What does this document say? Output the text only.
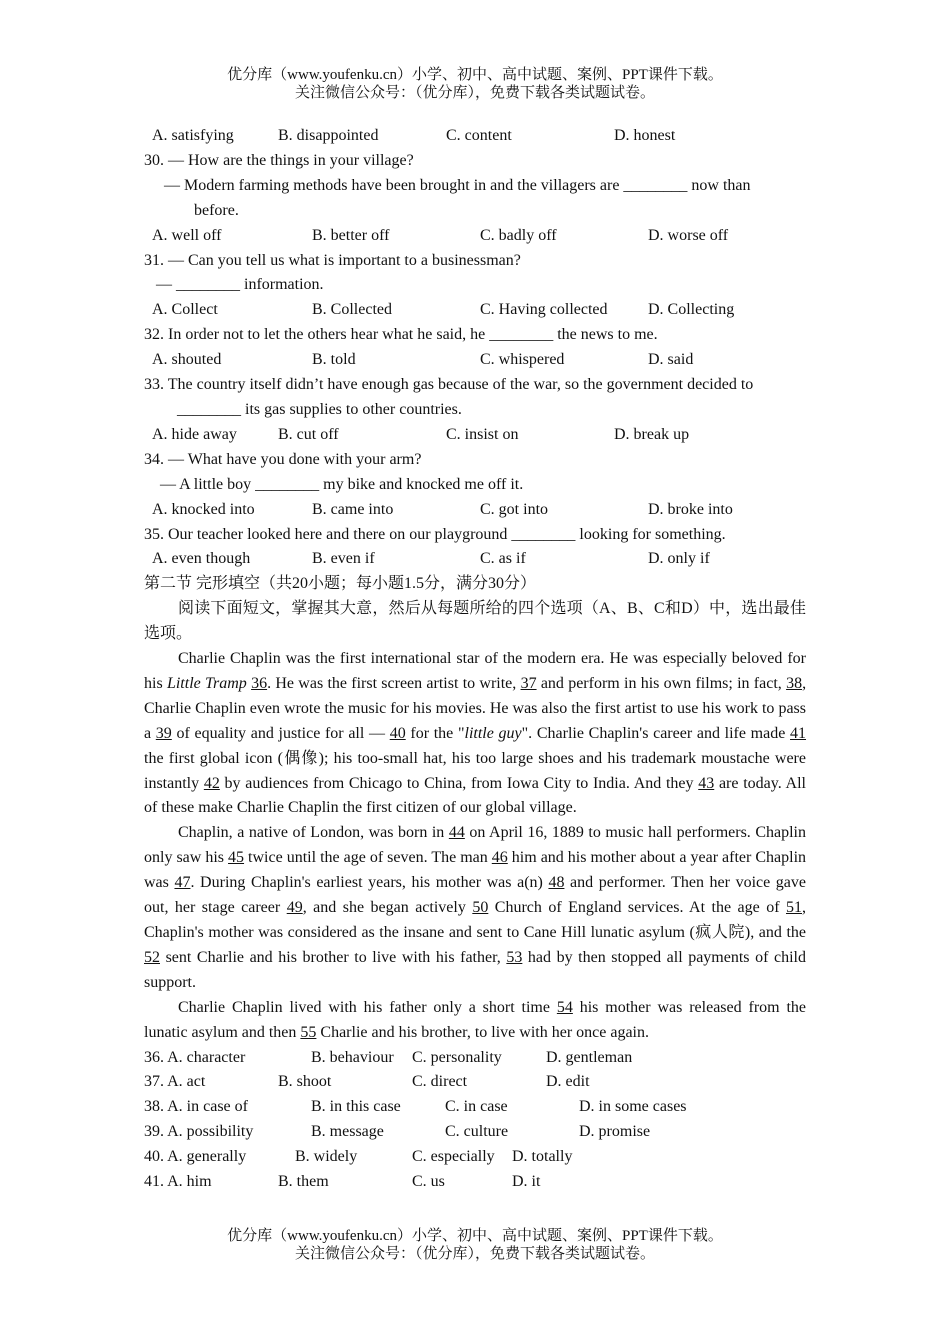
优分库（www.youfenku.cn）小学、初中、高中试题、案例、PPT课件下载。
关注微信公众号：（优分库），免费下载各类试题试卷。
A. satisfying	B. disappointed	C. content	D. honest
30. — How are the things in your village?
— Modern farming methods have been brought in and the villagers are ________ now than
before.
A. well off	B. better off	C. badly off	D. worse off
31. — Can you tell us what is important to a businessman?
— ________ information.
A. Collect	B. Collected	C. Having collected	D. Collecting
32. In order not to let the others hear what he said, he ________ the news to me.
A. shouted	B. told	C. whispered	D. said
33. The country itself didn’t have enough gas because of the war, so the government decided to
________ its gas supplies to other countries.
A. hide away	B. cut off	C. insist on	D. break up
34. — What have you done with your arm?
— A little boy ________ my bike and knocked me off it.
A. knocked into	B. came into	C. got into	D. broke into
35. Our teacher looked here and there on our playground ________ looking for something.
A. even though	B. even if	C. as if	D. only if
第二节 完形填空（共20小题；每小题1.5分，满分30分）
阅读下面短文，掌握其大意，然后从每题所给的四个选项（A、B、C和D）中，选出最佳选项。
Charlie Chaplin was the first international star of the modern era. He was especially beloved for his Little Tramp 36. He was the first screen artist to write, 37 and perform in his own films; in fact, 38, Charlie Chaplin even wrote the music for his movies. He was also the first artist to use his work to pass a 39 of equality and justice for all — 40 for the "little guy". Charlie Chaplin's career and life made 41 the first global icon (偶像); his too-small hat, his too large shoes and his trademark moustache were instantly 42 by audiences from Chicago to China, from Iowa City to India. And they 43 are today. All of these make Charlie Chaplin the first citizen of our global village.
Chaplin, a native of London, was born in 44 on April 16, 1889 to music hall performers. Chaplin only saw his 45 twice until the age of seven. The man 46 him and his mother about a year after Chaplin was 47. During Chaplin's earliest years, his mother was a(n) 48 and performer. Then her voice gave out, her stage career 49, and she began actively 50 Church of England services. At the age of 51, Chaplin's mother was considered as the insane and sent to Cane Hill lunatic asylum (疯人院), and the 52 sent Charlie and his brother to live with his father, 53 had by then stopped all payments of child support.
Charlie Chaplin lived with his father only a short time 54 his mother was released from the lunatic asylum and then 55 Charlie and his brother, to live with her once again.
36. A. character	B. behaviour	C. personality	D. gentleman
37. A. act	B. shoot	C. direct	D. edit
38. A. in case of	B. in this case	C. in case	D. in some cases
39. A. possibility	B. message	C. culture	D. promise
40. A. generally	B. widely	C. especially	D. totally
41. A. him	B. them	C. us	D. it
优分库（www.youfenku.cn）小学、初中、高中试题、案例、PPT课件下载。
关注微信公众号：（优分库），免费下载各类试题试卷。
